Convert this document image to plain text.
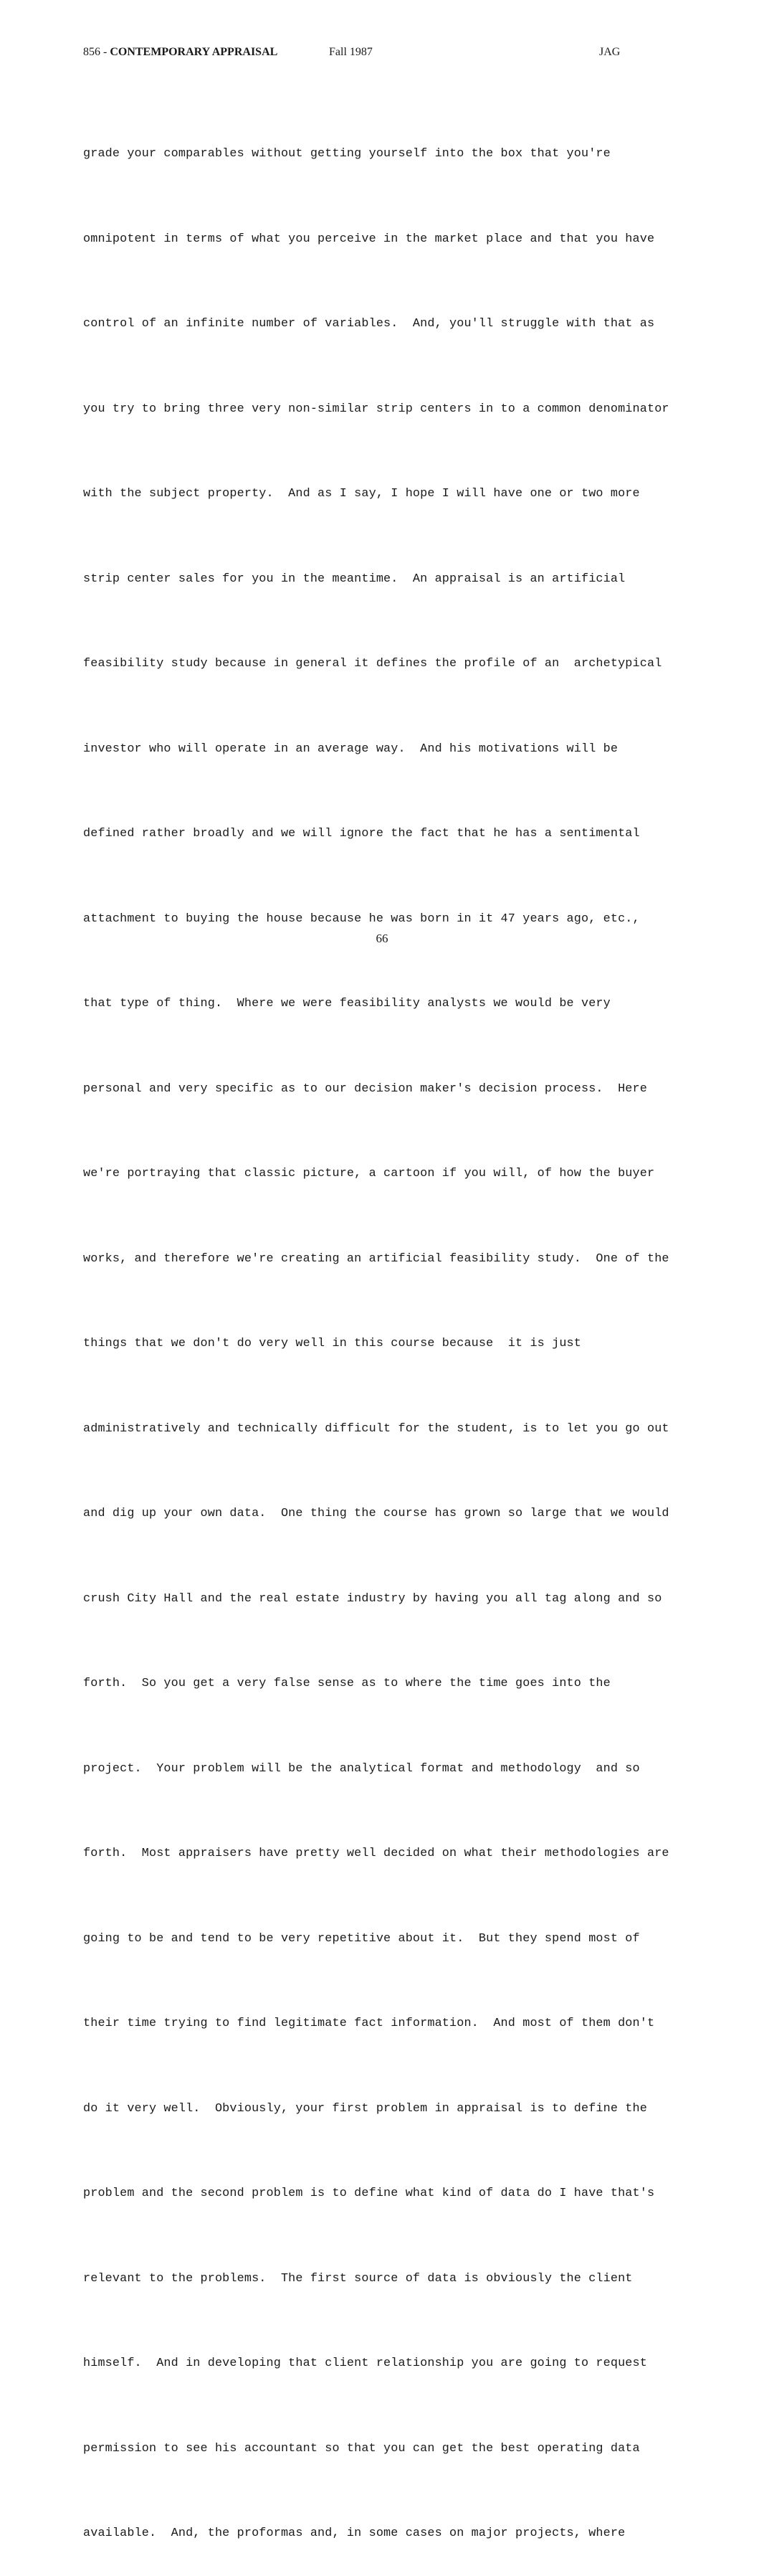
856 - CONTEMPORARY APPRAISAL	Fall 1987	JAG

grade your comparables without getting yourself into the box that you're

omnipotent in terms of what you perceive in the market place and that you have

control of an infinite number of variables.  And, you'll struggle with that as

you try to bring three very non-similar strip centers in to a common denominator

with the subject property.  And as I say, I hope I will have one or two more

strip center sales for you in the meantime.  An appraisal is an artificial

feasibility study because in general it defines the profile of an  archetypical

investor who will operate in an average way.  And his motivations will be

defined rather broadly and we will ignore the fact that he has a sentimental

attachment to buying the house because he was born in it 47 years ago, etc.,

that type of thing.  Where we were feasibility analysts we would be very

personal and very specific as to our decision maker's decision process.  Here

we're portraying that classic picture, a cartoon if you will, of how the buyer

works, and therefore we're creating an artificial feasibility study.  One of the

things that we don't do very well in this course because  it is just

administratively and technically difficult for the student, is to let you go out

and dig up your own data.  One thing the course has grown so large that we would

crush City Hall and the real estate industry by having you all tag along and so

forth.  So you get a very false sense as to where the time goes into the

project.  Your problem will be the analytical format and methodology  and so

forth.  Most appraisers have pretty well decided on what their methodologies are

going to be and tend to be very repetitive about it.  But they spend most of

their time trying to find legitimate fact information.  And most of them don't

do it very well.  Obviously, your first problem in appraisal is to define the

problem and the second problem is to define what kind of data do I have that's

relevant to the problems.  The first source of data is obviously the client

himself.  And in developing that client relationship you are going to request

permission to see his accountant so that you can get the best operating data

available.  And, the proformas and, in some cases on major projects, where

66
